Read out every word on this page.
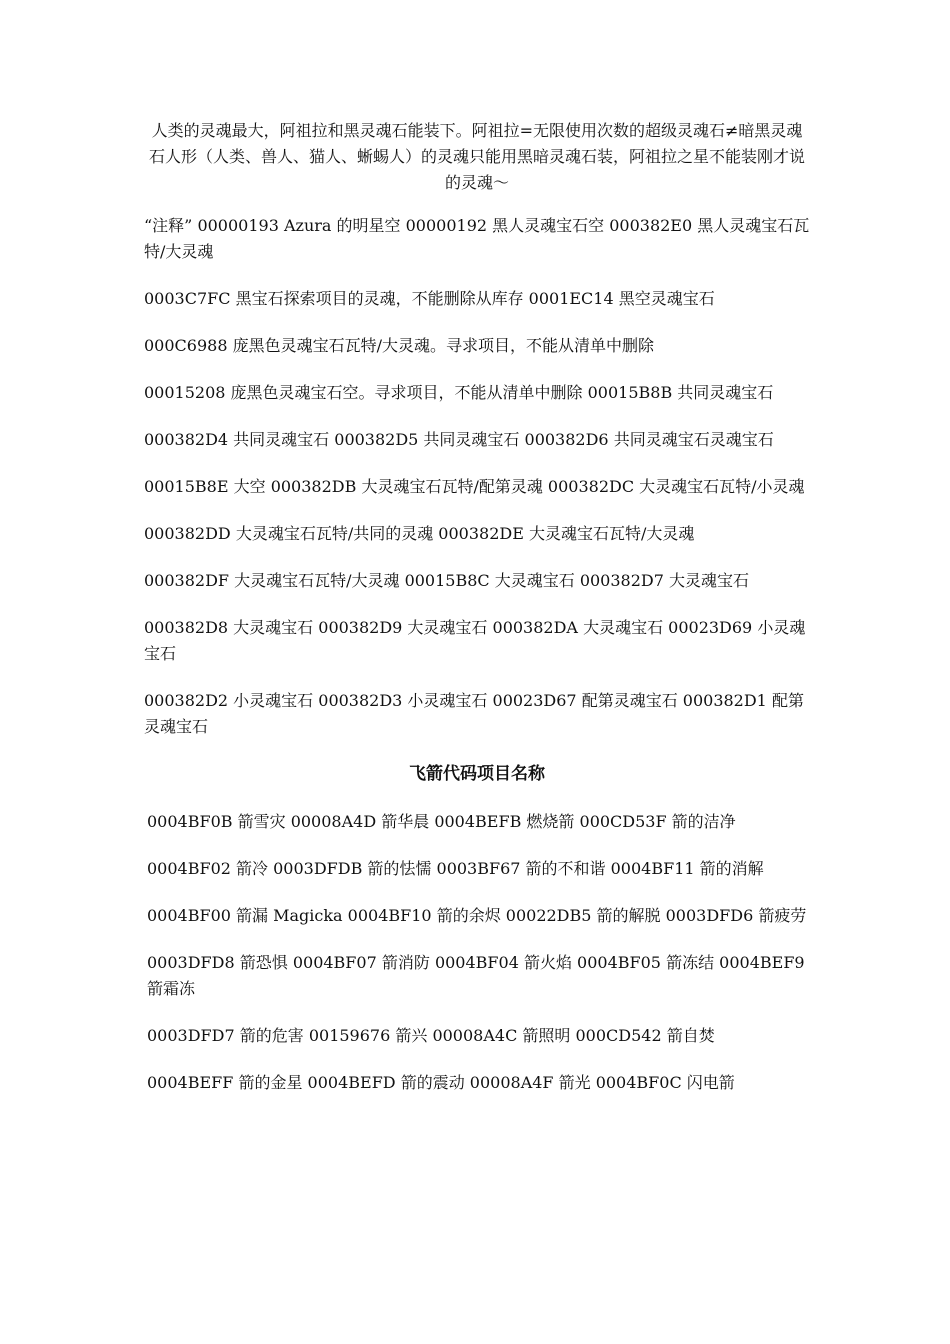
人类的灵魂最大，阿祖拉和黑灵魂石能装下。阿祖拉=无限使用次数的超级灵魂石≠暗黑灵魂石人形（人类、兽人、猫人、蜥蜴人）的灵魂只能用黑暗灵魂石装，阿祖拉之星不能装刚才说的灵魂～

“注释” 00000193 Azura 的明星空 00000192 黑人灵魂宝石空 000382E0 黑人灵魂宝石瓦特/大灵魂

0003C7FC 黑宝石探索项目的灵魂，不能删除从库存 0001EC14 黑空灵魂宝石

000C6988 庞黑色灵魂宝石瓦特/大灵魂。寻求项目，不能从清单中删除

00015208 庞黑色灵魂宝石空。寻求项目，不能从清单中删除 00015B8B 共同灵魂宝石

000382D4 共同灵魂宝石 000382D5 共同灵魂宝石 000382D6 共同灵魂宝石灵魂宝石

00015B8E 大空 000382DB 大灵魂宝石瓦特/配第灵魂 000382DC 大灵魂宝石瓦特/小灵魂

000382DD 大灵魂宝石瓦特/共同的灵魂 000382DE 大灵魂宝石瓦特/大灵魂

000382DF 大灵魂宝石瓦特/大灵魂 00015B8C 大灵魂宝石 000382D7 大灵魂宝石

000382D8 大灵魂宝石 000382D9 大灵魂宝石 000382DA 大灵魂宝石 00023D69 小灵魂宝石

000382D2 小灵魂宝石 000382D3 小灵魂宝石 00023D67 配第灵魂宝石 000382D1 配第灵魂宝石

飞箭代码项目名称

0004BF0B 箭雪灾 00008A4D 箭华晨 0004BEFB 燃烧箭 000CD53F 箭的洁净

0004BF02 箭冷 0003DFDB 箭的怯懦 0003BF67 箭的不和谐 0004BF11 箭的消解

0004BF00 箭漏 Magicka 0004BF10 箭的余烬 00022DB5 箭的解脱 0003DFD6 箭疲劳

0003DFD8 箭恐惧 0004BF07 箭消防 0004BF04 箭火焰 0004BF05 箭冻结 0004BEF9 箭霜冻

0003DFD7 箭的危害 00159676 箭兴 00008A4C 箭照明 000CD542 箭自焚

0004BEFF 箭的金星 0004BEFD 箭的震动 00008A4F 箭光 0004BF0C 闪电箭
